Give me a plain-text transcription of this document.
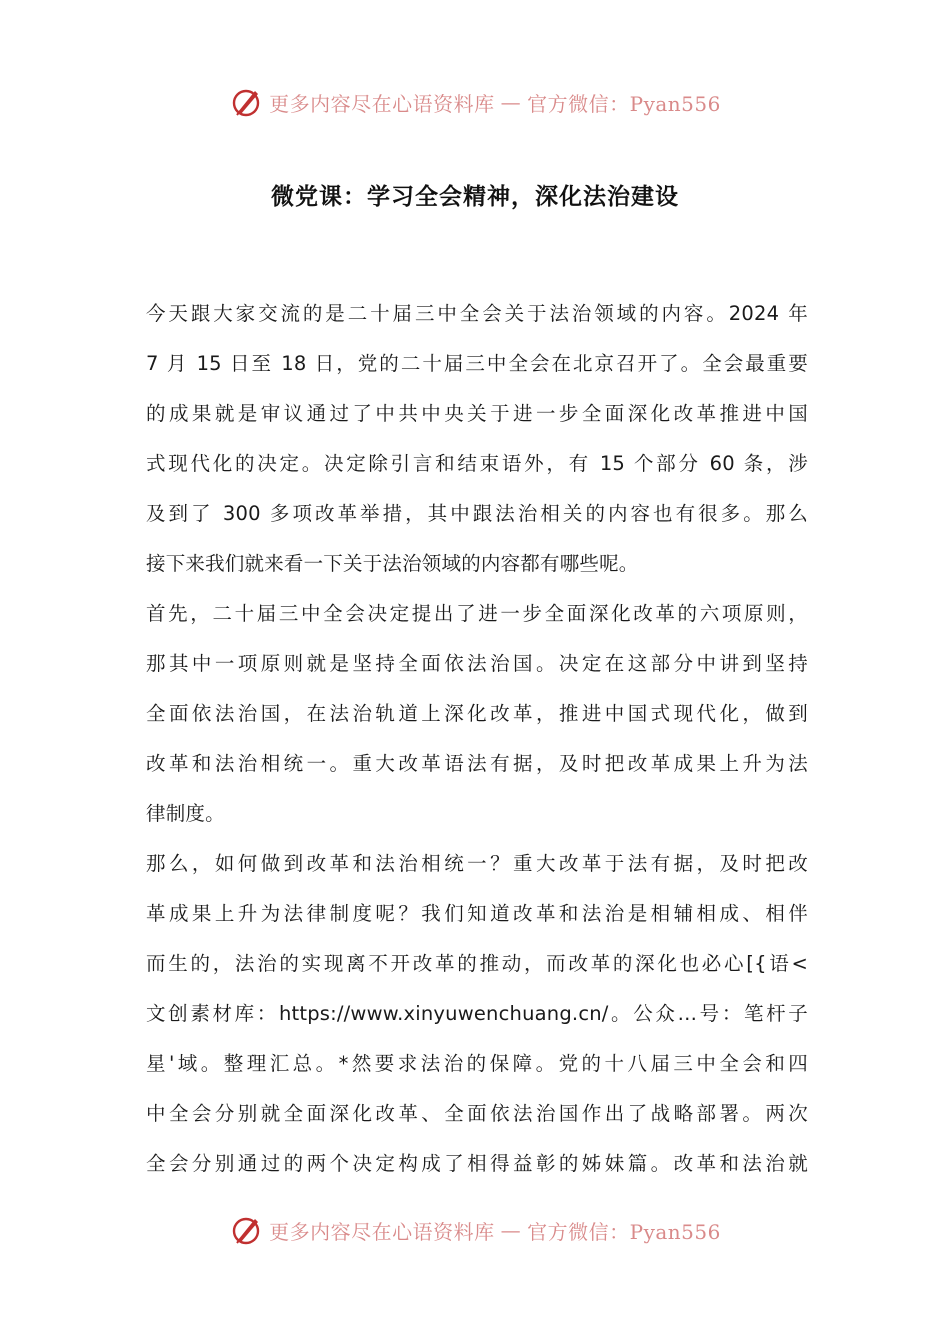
更多内容尽在心语资料库 — 官方微信：Pyan556
微党课：学习全会精神，深化法治建设
今天跟大家交流的是二十届三中全会关于法治领域的内容。2024 年
7 月 15 日至 18 日，党的二十届三中全会在北京召开了。全会最重要
的成果就是审议通过了中共中央关于进一步全面深化改革推进中国
式现代化的决定。决定除引言和结束语外，有 15 个部分 60 条，涉
及到了 300 多项改革举措，其中跟法治相关的内容也有很多。那么
接下来我们就来看一下关于法治领域的内容都有哪些呢。
首先，二十届三中全会决定提出了进一步全面深化改革的六项原则，
那其中一项原则就是坚持全面依法治国。决定在这部分中讲到坚持
全面依法治国，在法治轨道上深化改革，推进中国式现代化，做到
改革和法治相统一。重大改革语法有据，及时把改革成果上升为法
律制度。
那么，如何做到改革和法治相统一？重大改革于法有据，及时把改
革成果上升为法律制度呢？我们知道改革和法治是相辅相成、相伴
而生的，法治的实现离不开改革的推动，而改革的深化也必心[{语<
文创素材库：https://www.xinyuwenchuang.cn/。公众…号：笔杆子
星'域。整理汇总。*然要求法治的保障。党的十八届三中全会和四
中全会分别就全面深化改革、全面依法治国作出了战略部署。两次
全会分别通过的两个决定构成了相得益彰的姊妹篇。改革和法治就
更多内容尽在心语资料库 — 官方微信：Pyan556
